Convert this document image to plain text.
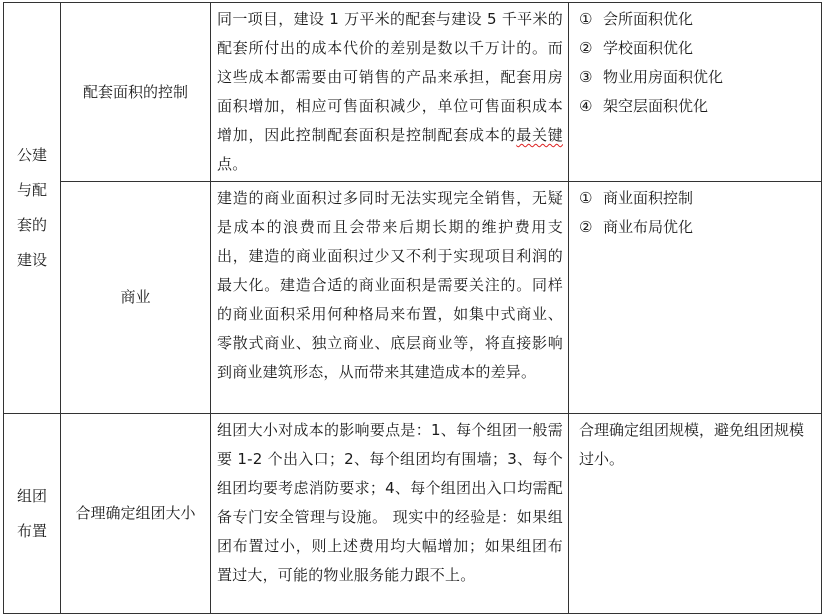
公建与配套的建设	配套面积的控制	同一项目，建设 1 万平米的配套与建设 5 千平米的配套所付出的成本代价的差别是数以千万计的。而这些成本都需要由可销售的产品来承担，配套用房面积增加，相应可售面积减少，单位可售面积成本增加，因此控制配套面积是控制配套成本的最关键点。	① 会所面积优化
② 学校面积优化
③ 物业用房面积优化
④ 架空层面积优化

	商业	建造的商业面积过多同时无法实现完全销售，无疑是成本的浪费而且会带来后期长期的维护费用支出，建造的商业面积过少又不利于实现项目利润的最大化。建造合适的商业面积是需要关注的。同样的商业面积采用何种格局来布置，如集中式商业、零散式商业、独立商业、底层商业等，将直接影响到商业建筑形态，从而带来其建造成本的差异。	① 商业面积控制
② 商业布局优化

组团布置	合理确定组团大小	组团大小对成本的影响要点是：1、每个组团一般需要 1-2 个出入口；2、每个组团均有围墙；3、每个组团均要考虑消防要求；4、每个组团出入口均需配备专门安全管理与设施。 现实中的经验是：如果组团布置过小，则上述费用均大幅增加；如果组团布置过大，可能的物业服务能力跟不上。	合理确定组团规模，避免组团规模过小。
